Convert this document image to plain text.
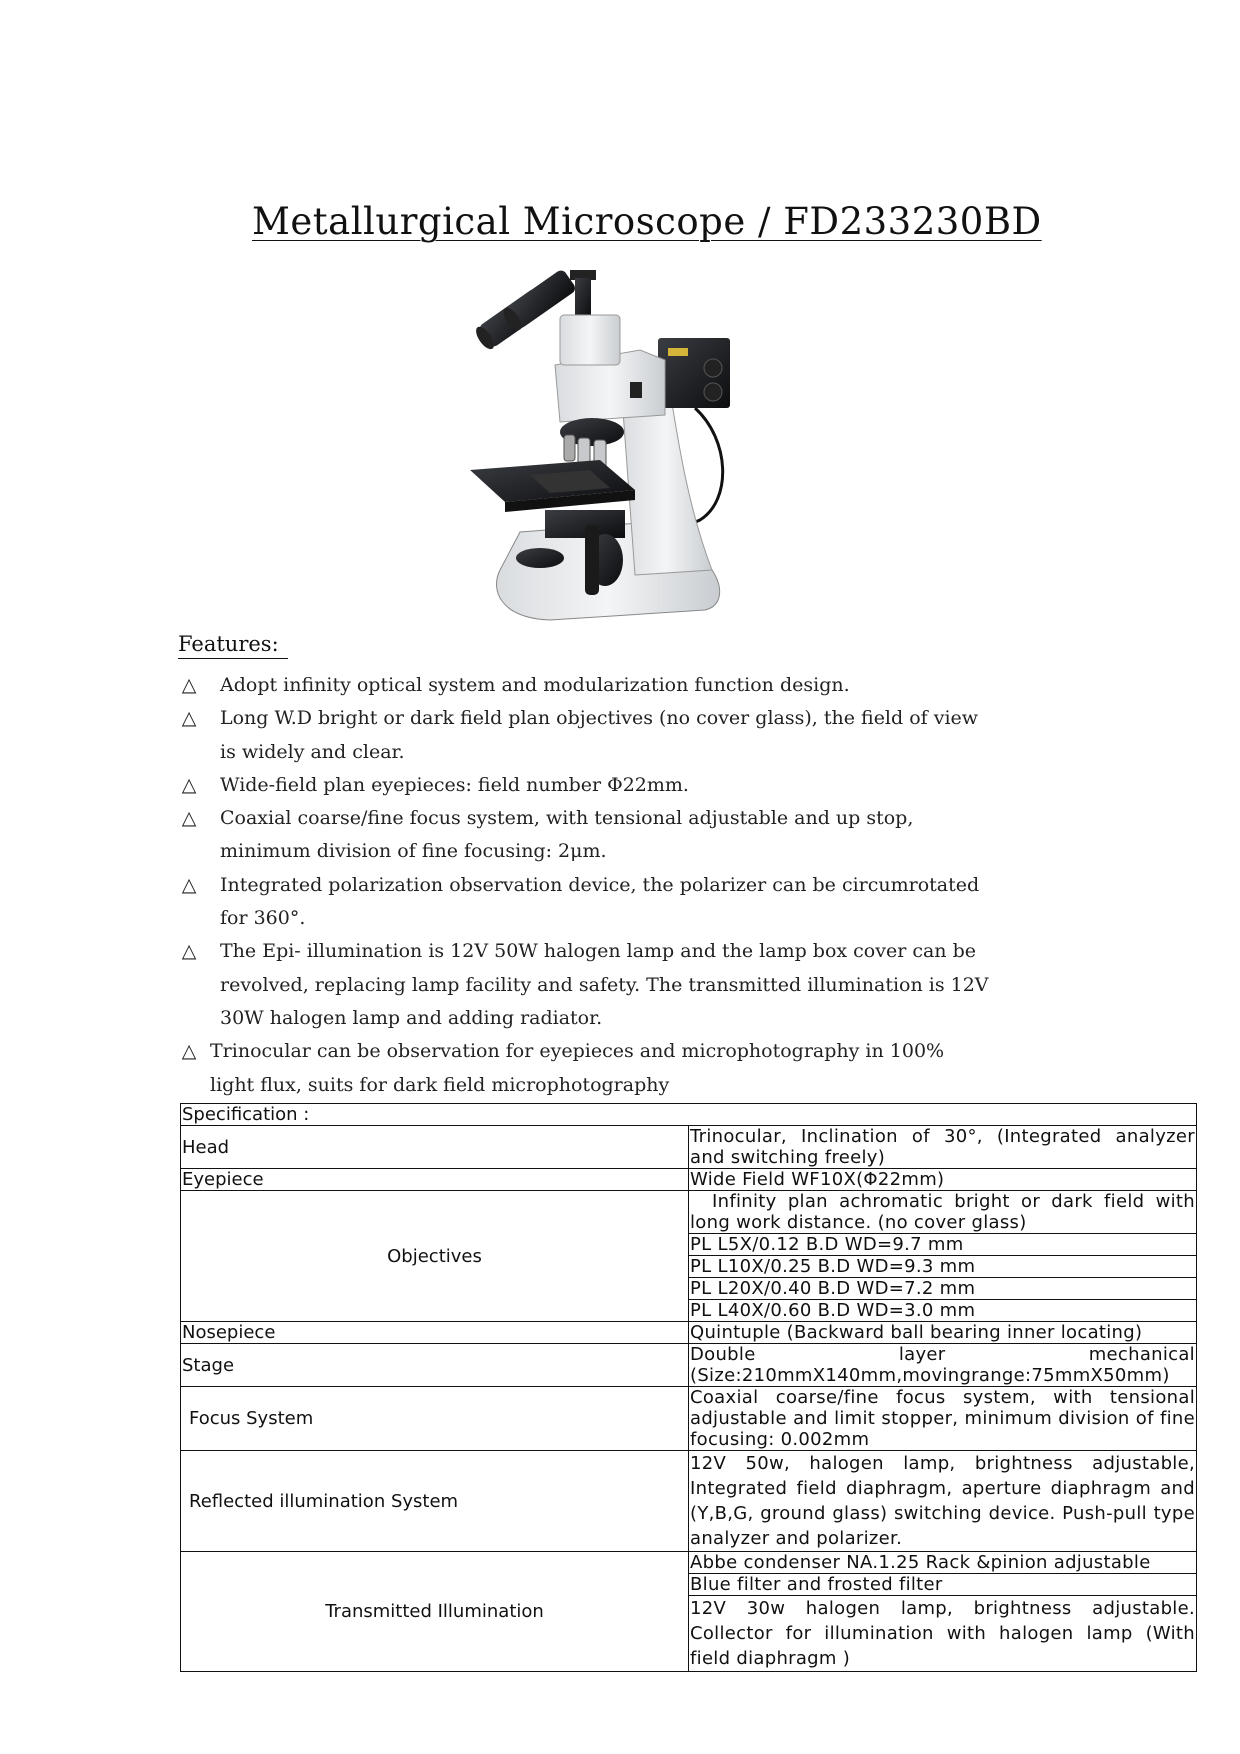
Metallurgical Microscope / FD233230BD
Features:
△ Adopt infinity optical system and modularization function design.
△ Long W.D bright or dark field plan objectives (no cover glass), the field of view
is widely and clear.
△ Wide-field plan eyepieces: field number Φ22mm.
△ Coaxial coarse/fine focus system, with tensional adjustable and up stop,
minimum division of fine focusing: 2μm.
△ Integrated polarization observation device, the polarizer can be circumrotated
for 360°.
△ The Epi- illumination is 12V 50W halogen lamp and the lamp box cover can be
revolved, replacing lamp facility and safety. The transmitted illumination is 12V
30W halogen lamp and adding radiator.
△ Trinocular can be observation for eyepieces and microphotography in 100%
light flux, suits for dark field microphotography
Specification :	
Head	Trinocular, Inclination of 30°, (Integrated analyzer and switching freely)
Eyepiece	Wide Field WF10X(Φ22mm)
Objectives	Infinity plan achromatic bright or dark field with long work distance. (no cover glass)
	PL L5X/0.12 B.D WD=9.7 mm
	PL L10X/0.25 B.D WD=9.3 mm
	PL L20X/0.40 B.D WD=7.2 mm
	PL L40X/0.60 B.D WD=3.0 mm
Nosepiece	Quintuple (Backward ball bearing inner locating)
Stage	Double layer mechanical (Size:210mmX140mm,movingrange:75mmX50mm)
Focus System	Coaxial coarse/fine focus system, with tensional adjustable and limit stopper, minimum division of fine focusing: 0.002mm
Reflected illumination System	12V 50w, halogen lamp, brightness adjustable, Integrated field diaphragm, aperture diaphragm and (Y,B,G, ground glass) switching device. Push-pull type analyzer and polarizer.
Transmitted Illumination	Abbe condenser NA.1.25 Rack &pinion adjustable
	Blue filter and frosted filter
	12V 30w halogen lamp, brightness adjustable. Collector for illumination with halogen lamp (With field diaphragm )
